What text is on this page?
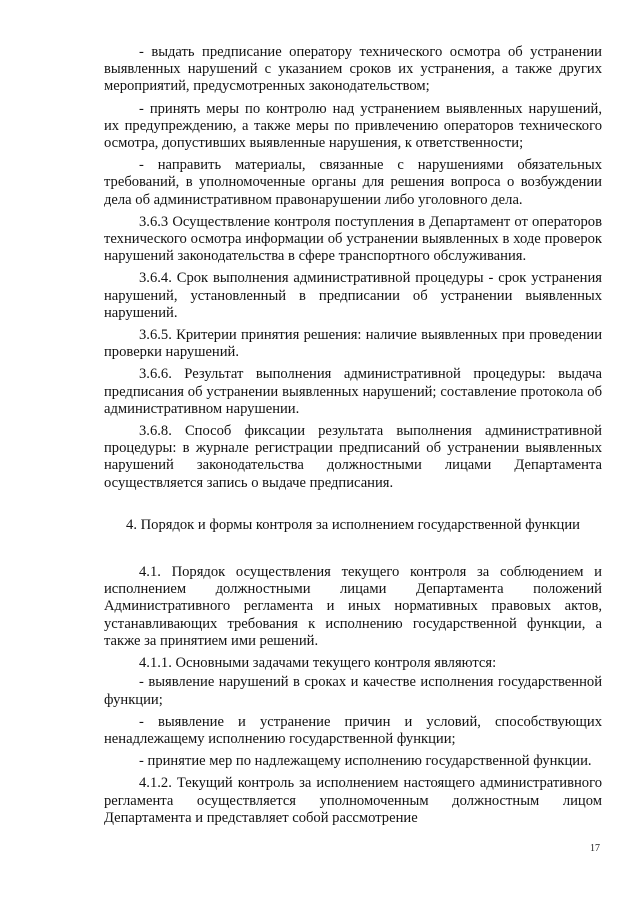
- выдать предписание оператору технического осмотра об устранении выявленных нарушений с указанием сроков их устранения, а также других мероприятий, предусмотренных законодательством;

- принять меры по контролю над устранением выявленных нарушений, их предупреждению, а также меры по привлечению операторов технического осмотра, допустивших выявленные нарушения, к ответственности;

- направить материалы, связанные с нарушениями обязательных требований, в уполномоченные органы для решения вопроса о возбуждении дела об административном правонарушении либо уголовного дела.

3.6.3 Осуществление контроля поступления в Департамент от операторов технического осмотра информации об устранении выявленных в ходе проверок нарушений законодательства в сфере транспортного обслуживания.

3.6.4. Срок выполнения административной процедуры - срок устранения нарушений, установленный в предписании об устранении выявленных нарушений.

3.6.5. Критерии принятия решения: наличие выявленных при проведении проверки нарушений.

3.6.6. Результат выполнения административной процедуры: выдача предписания об устранении выявленных нарушений; составление протокола об административном нарушении.

3.6.8. Способ фиксации результата выполнения административной процедуры: в журнале регистрации предписаний об устранении выявленных нарушений законодательства должностными лицами Департамента осуществляется запись о выдаче предписания.

4. Порядок и формы контроля за исполнением государственной функции

4.1. Порядок осуществления текущего контроля за соблюдением и исполнением должностными лицами Департамента положений Административного регламента и иных нормативных правовых актов, устанавливающих требования к исполнению государственной функции, а также за принятием ими решений.

4.1.1. Основными задачами текущего контроля являются:

- выявление нарушений в сроках и качестве исполнения государственной функции;

- выявление и устранение причин и условий, способствующих ненадлежащему исполнению государственной функции;

- принятие мер по надлежащему исполнению государственной функции.

4.1.2. Текущий контроль за исполнением настоящего административного регламента осуществляется уполномоченным должностным лицом Департамента и представляет собой рассмотрение

17
